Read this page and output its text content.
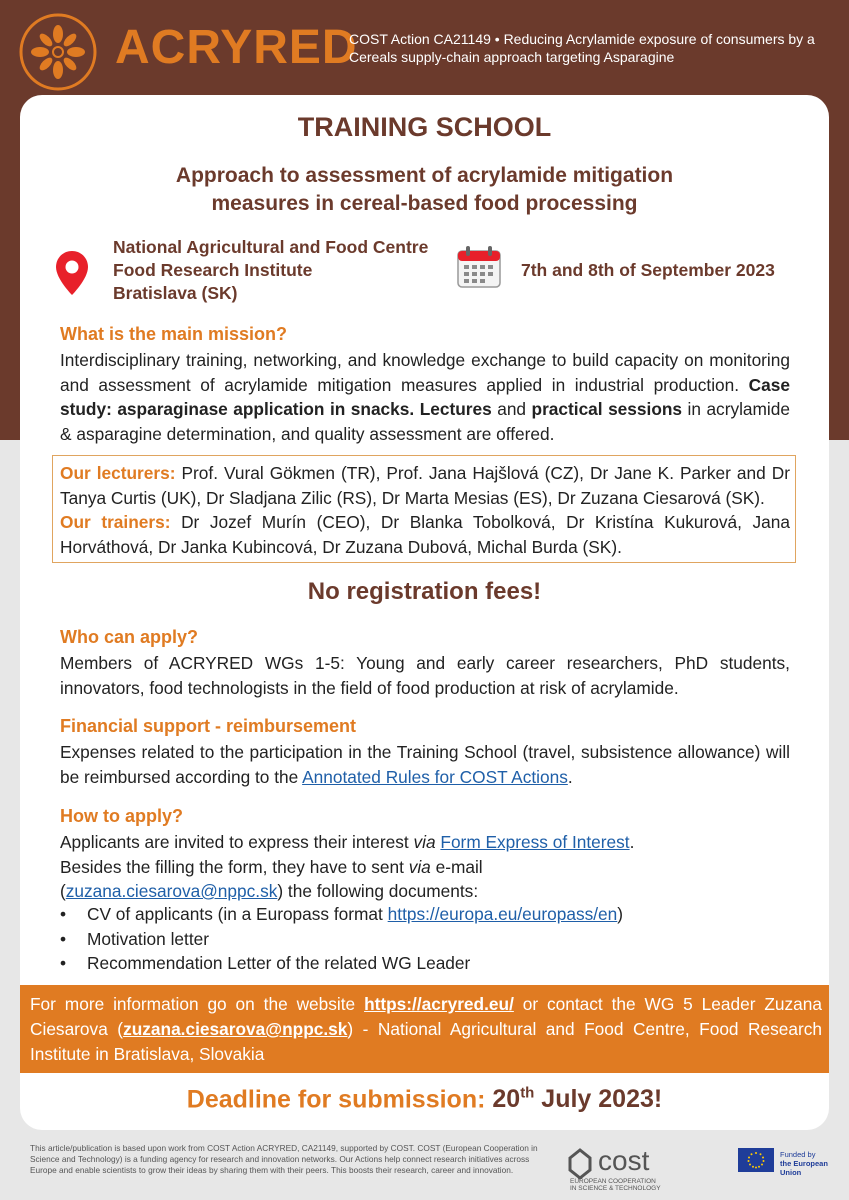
ACRYRED
COST Action CA21149 • Reducing Acrylamide exposure of consumers by a Cereals supply-chain approach targeting Asparagine
TRAINING SCHOOL
Approach to assessment of acrylamide mitigation
measures in cereal-based food processing
National Agricultural and Food Centre
Food Research Institute
Bratislava (SK)
7th and 8th of September 2023
What is the main mission?
Interdisciplinary training, networking, and knowledge exchange to build capacity on monitoring and assessment of acrylamide mitigation measures applied in industrial production. Case study: asparaginase application in snacks. Lectures and practical sessions in acrylamide & asparagine determination, and quality assessment are offered.
Our lecturers: Prof. Vural Gökmen (TR), Prof. Jana Hajšlová (CZ), Dr Jane K. Parker and Dr Tanya Curtis (UK), Dr Sladjana Zilic (RS), Dr Marta Mesias (ES), Dr Zuzana Ciesarová (SK).
Our trainers: Dr Jozef Murín (CEO), Dr Blanka Tobolková, Dr Kristína Kukurová, Jana Horváthová, Dr Janka Kubincová, Dr Zuzana Dubová, Michal Burda (SK).
No registration fees!
Who can apply?
Members of ACRYRED WGs 1-5: Young and early career researchers, PhD students, innovators, food technologists in the field of food production at risk of acrylamide.
Financial support - reimbursement
Expenses related to the participation in the Training School (travel, subsistence allowance) will be reimbursed according to the Annotated Rules for COST Actions.
How to apply?
Applicants are invited to express their interest via Form Express of Interest.
Besides the filling the form, they have to sent via e-mail
(zuzana.ciesarova@nppc.sk) the following documents:
•	CV of applicants (in a Europass format https://europa.eu/europass/en)
•	Motivation letter
•	Recommendation Letter of the related WG Leader
For more information go on the website https://acryred.eu/ or contact the WG 5 Leader Zuzana Ciesarova (zuzana.ciesarova@nppc.sk) - National Agricultural and Food Centre, Food Research Institute in Bratislava, Slovakia
Deadline for submission: 20th July 2023!
This article/publication is based upon work from COST Action ACRYRED, CA21149, supported by COST. COST (European Cooperation in Science and Technology) is a funding agency for research and innovation networks. Our Actions help connect research initiatives across Europe and enable scientists to grow their ideas by sharing them with their peers. This boosts their research, career and innovation.	cost
EUROPEAN COOPERATION
IN SCIENCE & TECHNOLOGY
Funded by
the European Union
